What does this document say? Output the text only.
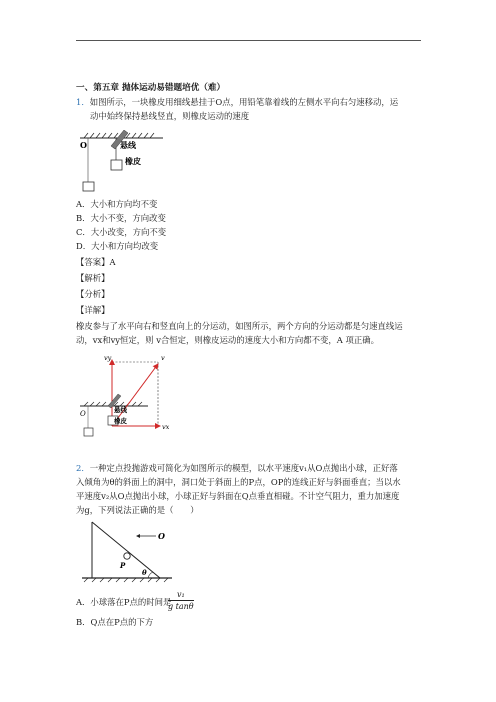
一、第五章 抛体运动易错题培优（难）
1．如图所示，一块橡皮用细线悬挂于O点，用铅笔靠着线的左侧水平向右匀速移动，运
动中始终保持悬线竖直，则橡皮运动的速度
O	悬线
橡皮
A．大小和方向均不变
B．大小不变，方向改变
C．大小改变，方向不变
D．大小和方向均改变
【答案】A
【解析】
【分析】
【详解】
橡皮参与了水平向右和竖直向上的分运动，如图所示，两个方向的分运动都是匀速直线运
动，vx和vy恒定，则 v合恒定，则橡皮运动的速度大小和方向都不变，A 项正确。
O
vy	v
vx
悬线
橡皮
2．一种定点投抛游戏可简化为如图所示的模型，以水平速度v₁从O点抛出小球，正好落
入倾角为θ的斜面上的洞中，洞口处于斜面上的P点，OP的连线正好与斜面垂直；当以水
平速度v₂从O点抛出小球，小球正好与斜面在Q点垂直相碰。不计空气阻力，重力加速度
为g，下列说法正确的是（　　）
O
P
θ
A．小球落在P点的时间是
$\frac{\text{v₁}}{\text{g tanθ}}$
B．Q点在P点的下方
